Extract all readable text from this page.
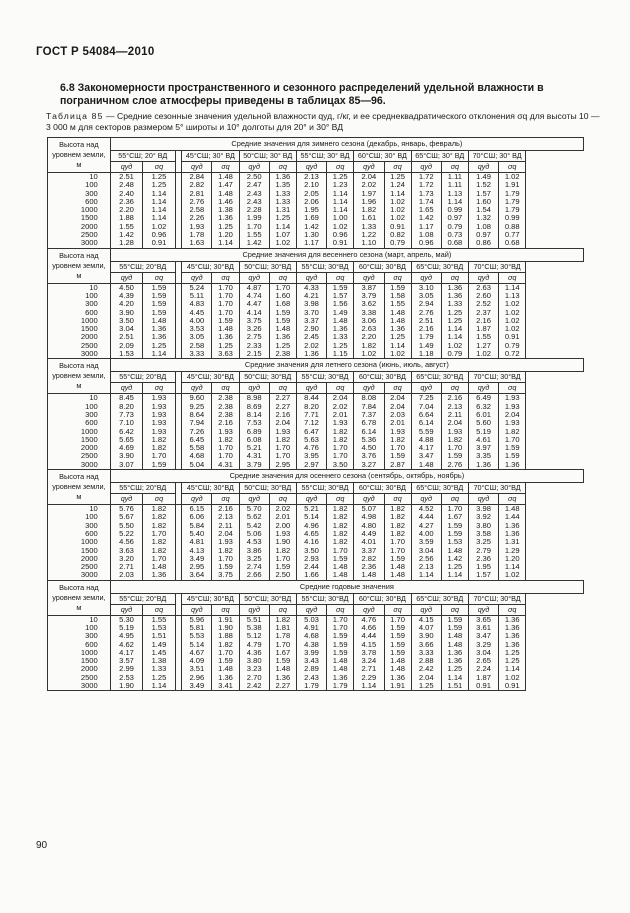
ГОСТ Р 54084—2010
6.8 Закономерности пространственного и сезонного распределений удельной влажности в пограничном слое атмосферы приведены в таблицах 85—96.
Таблица 85 — Средние сезонные значения удельной влажности qуд, г/кг, и ее среднеквадратического отклонения σq для высоты 10 — 3 000 м для секторов размером 5° широты и 10° долготы для 20° и 30° ВД
Высота над уровнем земли, м	Средние значения для зимнего сезона (декабрь, январь, февраль)														
	55°СШ; 20° ВД			45°СШ; 30° ВД		50°СШ; 30° ВД		55°СШ; 30° ВД		60°СШ; 30° ВД		65°СШ; 30° ВД		70°СШ; 30° ВД	
	qуд	σq		qуд	σq	qуд	σq	qуд	σq	qуд	σq	qуд	σq	qуд	σq
10	2.51	1.25		2.84	1.48	2.50	1.36	2.13	1.25	2.04	1.25	1.72	1.11	1.49	1.02
100	2.48	1.25		2.82	1.47	2.47	1.35	2.10	1.23	2.02	1.24	1.72	1.11	1.52	1.91
300	2.40	1.14		2.81	1.48	2.43	1.33	2.05	1.14	1.97	1.14	1.73	1.13	1.57	1.79
600	2.36	1.14		2.76	1.46	2.43	1.33	2.06	1.14	1.96	1.02	1.74	1.14	1.60	1.79
1000	2.20	1.14		2.58	1.38	2.28	1.31	1.95	1.14	1.82	1.02	1.65	0.99	1.54	1.79
1500	1.88	1.14		2.26	1.36	1.99	1.25	1.69	1.00	1.61	1.02	1.42	0.97	1.32	0.99
2000	1.55	1.02		1.93	1.25	1.70	1.14	1.42	1.02	1.33	0.91	1.17	0.79	1.08	0.88
2500	1.42	0.96		1.78	1.20	1.55	1.07	1.30	0.96	1.22	0.82	1.08	0.73	0.97	0.77
3000	1.28	0.91		1.63	1.14	1.42	1.02	1.17	0.91	1.10	0.79	0.96	0.68	0.86	0.68
Высота над уровнем земли, м	Средние значения для весеннего сезона (март, апрель, май)														
	55°СШ; 20°ВД			45°СШ; 30°ВД		50°СШ; 30°ВД		55°СШ; 30°ВД		60°СШ; 30°ВД		65°СШ; 30°ВД		70°СШ; 30°ВД	
	qуд	σq		qуд	σq	qуд	σq	qуд	σq	qуд	σq	qуд	σq	qуд	σq
10	4.50	1.59		5.24	1.70	4.87	1.70	4.33	1.59	3.87	1.59	3.10	1.36	2.63	1.14
100	4.39	1.59		5.11	1.70	4.74	1.60	4.21	1.57	3.79	1.58	3.05	1.36	2.60	1.13
300	4.20	1.59		4.83	1.70	4.47	1.68	3.98	1.56	3.62	1.55	2.94	1.33	2.52	1.02
600	3.90	1.59		4.45	1.70	4.14	1.59	3.70	1.49	3.38	1.48	2.76	1.25	2.37	1.02
1000	3.50	1.48		4.00	1.59	3.75	1.59	3.37	1.48	3.06	1.48	2.51	1.25	2.16	1.02
1500	3.04	1.36		3.53	1.48	3.26	1.48	2.90	1.36	2.63	1.36	2.16	1.14	1.87	1.02
2000	2.51	1.36		3.05	1.36	2.75	1.36	2.45	1.33	2.20	1.25	1.79	1.14	1.55	0.91
2500	2.09	1.25		2.58	1.25	2.33	1.25	2.02	1.25	1.82	1.14	1.49	1.02	1.27	0.79
3000	1.53	1.14		3.33	3.63	2.15	2.38	1.36	1.15	1.02	1.02	1.18	0.79	1.02	0.72
Высота над уровнем земли, м	Средние значения для летнего сезона (июнь, июль, август)														
	55°СШ; 20°ВД			45°СШ; 30°ВД		50°СШ; 30°ВД		55°СШ; 30°ВД		60°СШ; 30°ВД		65°СШ; 30°ВД		70°СШ; 30°ВД	
	qуд	σq		qуд	σq	qуд	σq	qуд	σq	qуд	σq	qуд	σq	qуд	σq
10	8.45	1.93		9.60	2.38	8.98	2.27	8.44	2.04	8.08	2.04	7.25	2.16	6.49	1.93
100	8.20	1.93		9.25	2.38	8.69	2.27	8.20	2.02	7.84	2.04	7.04	2.13	6.32	1.93
300	7.73	1.93		8.64	2.38	8.14	2.16	7.71	2.01	7.37	2.03	6.64	2.11	6.01	2.04
600	7.10	1.93		7.94	2.16	7.53	2.04	7.12	1.93	6.78	2.01	6.14	2.04	5.60	1.93
1000	6.42	1.93		7.26	1.93	6.89	1.93	6.47	1.82	6.14	1.93	5.59	1.93	5.19	1.82
1500	5.65	1.82		6.45	1.82	6.08	1.82	5.63	1.82	5.36	1.82	4.88	1.82	4.61	1.70
2000	4.69	1.82		5.58	1.70	5.21	1.70	4.76	1.70	4.50	1.70	4.17	1.70	3.97	1.59
2500	3.90	1.70		4.68	1.70	4.31	1.70	3.95	1.70	3.76	1.59	3.47	1.59	3.35	1.59
3000	3.07	1.59		5.04	4.31	3.79	2.95	2.97	3.50	3.27	2.87	1.48	2.76	1.36	1.36
Высота над уровнем земли, м	Средние значения для осеннего сезона (сентябрь, октябрь, ноябрь)														
	55°СШ; 20°ВД			45°СШ; 30°ВД		50°СШ; 30°ВД		55°СШ; 30°ВД		60°СШ; 30°ВД		65°СШ; 30°ВД		70°СШ; 30°ВД	
	qуд	σq		qуд	σq	qуд	σq	qуд	σq	qуд	σq	qуд	σq	qуд	σq
10	5.76	1.82		6.15	2.16	5.70	2.02	5.21	1.82	5.07	1.82	4.52	1.70	3.98	1.48
100	5.67	1.82		6.06	2.13	5.62	2.01	5.14	1.82	4.98	1.82	4.44	1.67	3.92	1.44
300	5.50	1.82		5.84	2.11	5.42	2.00	4.96	1.82	4.80	1.82	4.27	1.59	3.80	1.36
600	5.22	1.70		5.40	2.04	5.06	1.93	4.65	1.82	4.49	1.82	4.00	1.59	3.58	1.36
1000	4.56	1.82		4.81	1.93	4.53	1.90	4.16	1.82	4.01	1.70	3.59	1.53	3.25	1.31
1500	3.63	1.82		4.13	1.82	3.86	1.82	3.50	1.70	3.37	1.70	3.04	1.48	2.79	1.29
2000	3.20	1.70		3.49	1.70	3.25	1.70	2.93	1.59	2.82	1.59	2.56	1.42	2.36	1.20
2500	2.71	1.48		2.95	1.59	2.74	1.59	2.44	1.48	2.36	1.48	2.13	1.25	1.95	1.14
3000	2.03	1.36		3.64	3.75	2.66	2.50	1.66	1.48	1.48	1.48	1.14	1.14	1.57	1.02
Высота над уровнем земли, м	Средние годовые значения														
	55°СШ; 20°ВД			45°СШ; 30°ВД		50°СШ; 30°ВД		55°СШ; 30°ВД		60°СШ; 30°ВД		65°СШ; 30°ВД		70°СШ; 30°ВД	
	qуд	σq		qуд	σq	qуд	σq	qуд	σq	qуд	σq	qуд	σq	qуд	σq
10	5.30	1.55		5.96	1.91	5.51	1.82	5.03	1.70	4.76	1.70	4.15	1.59	3.65	1.36
100	5.19	1.53		5.81	1.90	5.38	1.81	4.91	1.70	4.66	1.59	4.07	1.59	3.61	1.36
300	4.95	1.51		5.53	1.88	5.12	1.78	4.68	1.59	4.44	1.59	3.90	1.48	3.47	1.36
600	4.62	1.49		5.14	1.82	4.79	1.70	4.38	1.59	4.15	1.59	3.66	1.48	3.29	1.36
1000	4.17	1.45		4.67	1.70	4.36	1.67	3.99	1.59	3.78	1.59	3.33	1.36	3.04	1.25
1500	3.57	1.38		4.09	1.59	3.80	1.59	3.43	1.48	3.24	1.48	2.88	1.36	2.65	1.25
2000	2.99	1.33		3.51	1.48	3.23	1.48	2.89	1.48	2.71	1.48	2.42	1.25	2.24	1.14
2500	2.53	1.25		2.96	1.36	2.70	1.36	2.43	1.36	2.29	1.36	2.04	1.14	1.87	1.02
3000	1.90	1.14		3.49	3.41	2.42	2.27	1.79	1.79	1.14	1.91	1.25	1.51	0.91	0.91
90
